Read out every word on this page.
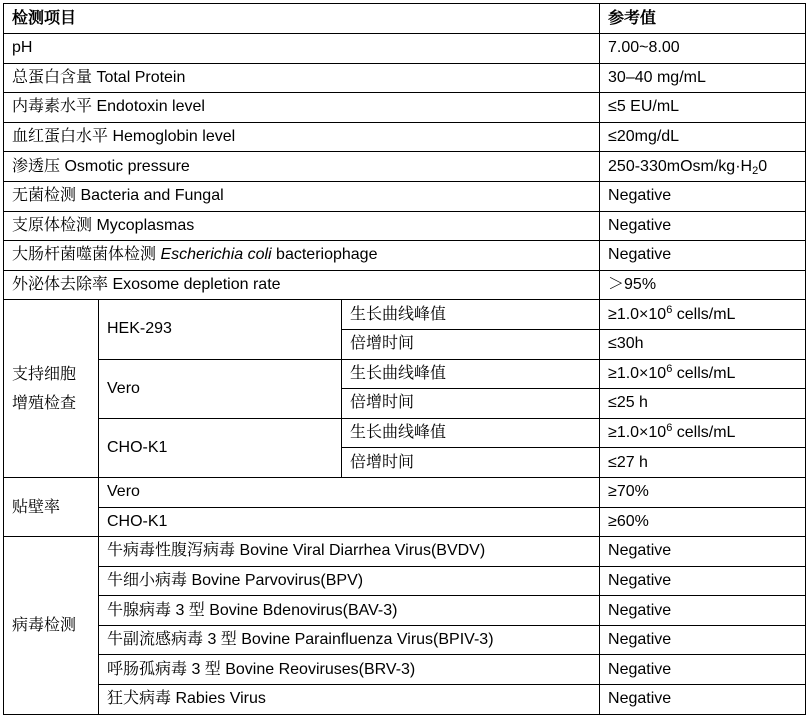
检测项目			参考值
pH			7.00~8.00
总蛋白含量 Total Protein			30–40 mg/mL
内毒素水平 Endotoxin level			≤5 EU/mL
血红蛋白水平 Hemoglobin level			≤20mg/dL
渗透压 Osmotic pressure			$250-330mOsm/kg\cdot H_20$
无菌检测 Bacteria and Fungal			Negative
支原体检测 Mycoplasmas			Negative
大肠杆菌噬菌体检测 Escherichia coli bacteriophage			Negative
外泌体去除率 Exosome depletion rate			＞95%
支持细胞增殖检查	HEK-293	生长曲线峰值	$\ge 1.0\times 10^6$ cells/mL
		倍增时间	≤30h
	Vero	生长曲线峰值	$\ge 1.0\times 10^6$ cells/mL
		倍增时间	≤25 h
	CHO-K1	生长曲线峰值	$\ge 1.0\times 10^6$ cells/mL
		倍增时间	≤27 h
贴壁率	Vero		≥70%
	CHO-K1		≥60%
病毒检测	牛病毒性腹泻病毒 Bovine Viral Diarrhea Virus(BVDV)		Negative
	牛细小病毒 Bovine Parvovirus(BPV)		Negative
	牛腺病毒 3 型 Bovine Bdenovirus(BAV-3)		Negative
	牛副流感病毒 3 型 Bovine Parainfluenza Virus(BPIV-3)		Negative
	呼肠孤病毒 3 型 Bovine Reoviruses(BRV-3)		Negative
	狂犬病毒 Rabies Virus		Negative
